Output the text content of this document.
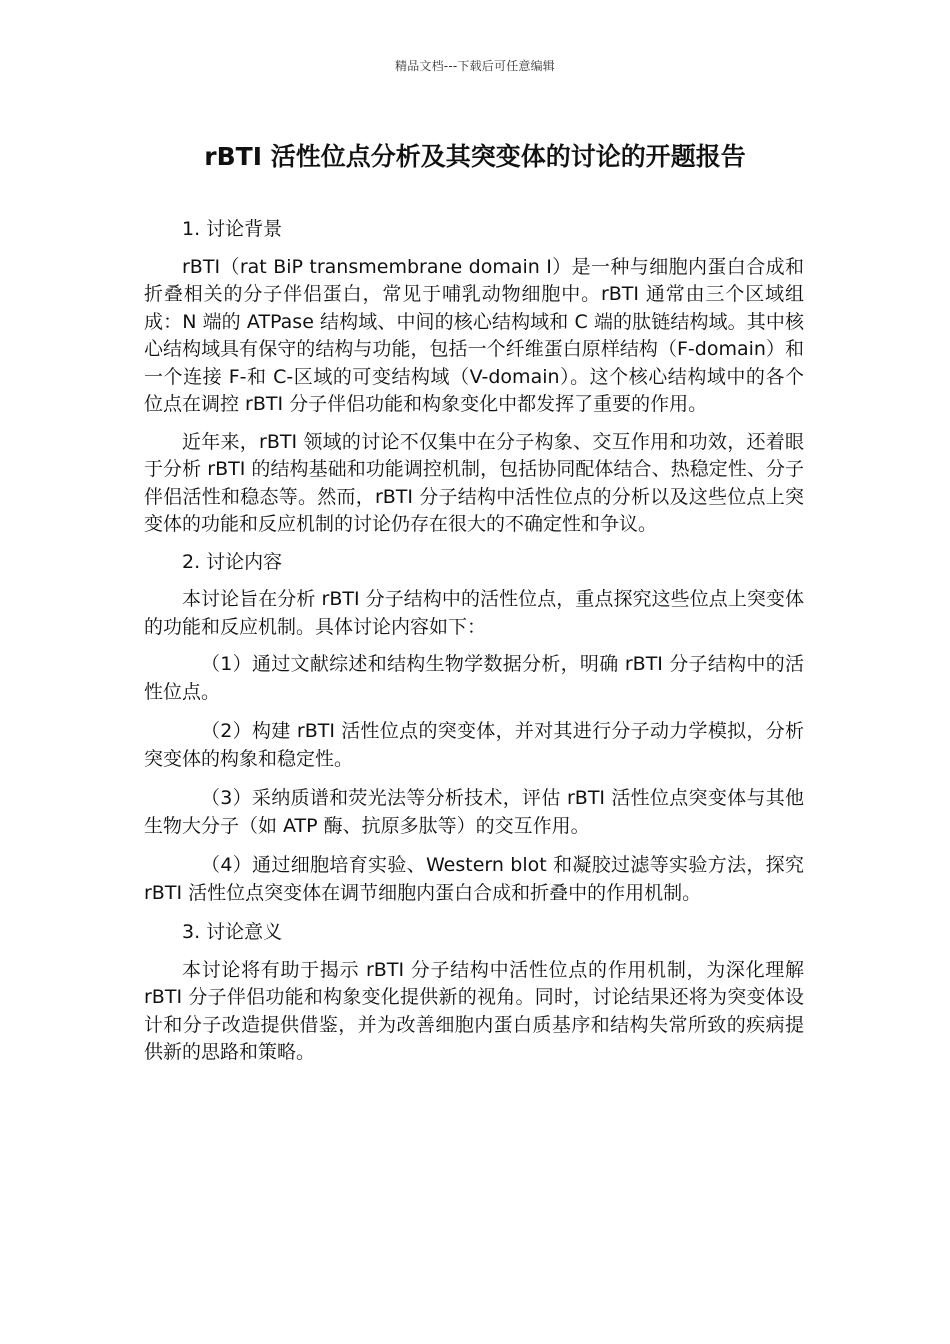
精品文档---下载后可任意编辑
rBTI 活性位点分析及其突变体的讨论的开题报告

1. 讨论背景

rBTI（rat BiP transmembrane domain I）是一种与细胞内蛋白合成和折叠相关的分子伴侣蛋白，常见于哺乳动物细胞中。rBTI 通常由三个区域组成：N 端的 ATPase 结构域、中间的核心结构域和 C 端的肽链结构域。其中核心结构域具有保守的结构与功能，包括一个纤维蛋白原样结构（F-domain）和一个连接 F-和 C-区域的可变结构域（V-domain）。这个核心结构域中的各个位点在调控 rBTI 分子伴侣功能和构象变化中都发挥了重要的作用。

近年来，rBTI 领域的讨论不仅集中在分子构象、交互作用和功效，还着眼于分析 rBTI 的结构基础和功能调控机制，包括协同配体结合、热稳定性、分子伴侣活性和稳态等。然而，rBTI 分子结构中活性位点的分析以及这些位点上突变体的功能和反应机制的讨论仍存在很大的不确定性和争议。

2. 讨论内容

本讨论旨在分析 rBTI 分子结构中的活性位点，重点探究这些位点上突变体的功能和反应机制。具体讨论内容如下：

（1）通过文献综述和结构生物学数据分析，明确 rBTI 分子结构中的活性位点。

（2）构建 rBTI 活性位点的突变体，并对其进行分子动力学模拟，分析突变体的构象和稳定性。

（3）采纳质谱和荧光法等分析技术，评估 rBTI 活性位点突变体与其他生物大分子（如 ATP 酶、抗原多肽等）的交互作用。

（4）通过细胞培育实验、Western blot 和凝胶过滤等实验方法，探究 rBTI 活性位点突变体在调节细胞内蛋白合成和折叠中的作用机制。

3. 讨论意义

本讨论将有助于揭示 rBTI 分子结构中活性位点的作用机制，为深化理解 rBTI 分子伴侣功能和构象变化提供新的视角。同时，讨论结果还将为突变体设计和分子改造提供借鉴，并为改善细胞内蛋白质基序和结构失常所致的疾病提供新的思路和策略。
